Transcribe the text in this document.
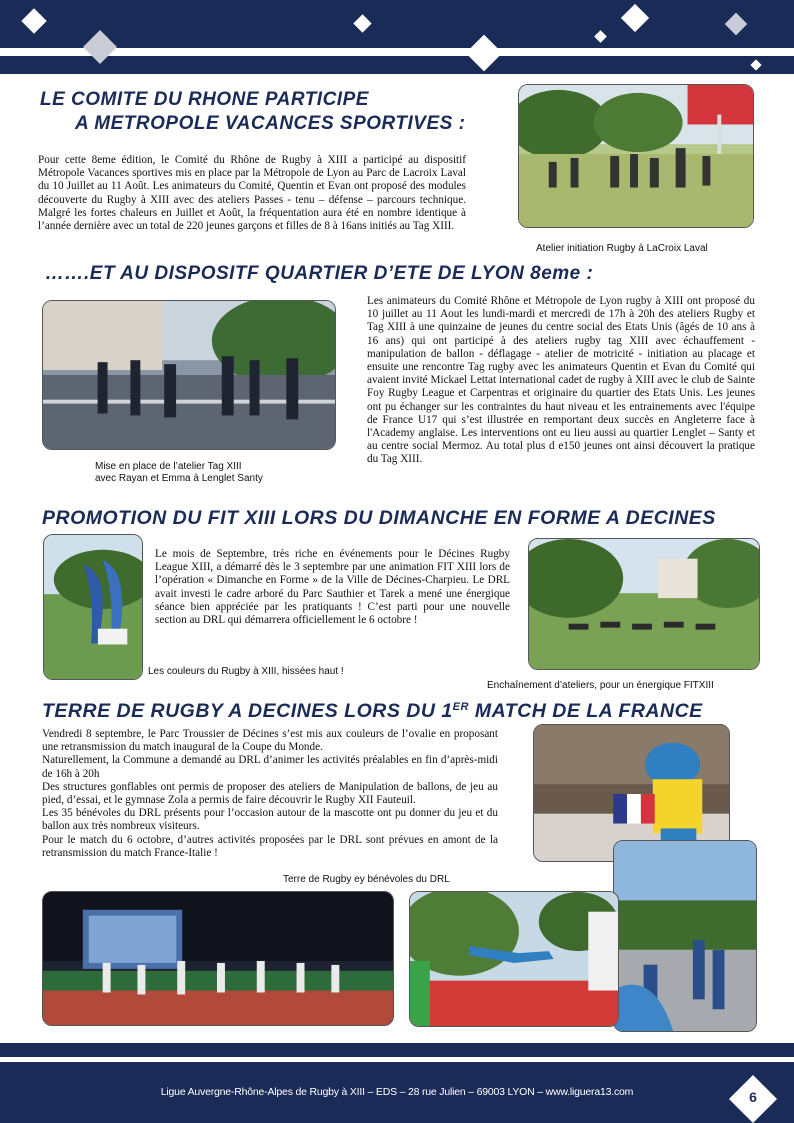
LE COMITE DU RHONE PARTICIPE
A METROPOLE VACANCES SPORTIVES :
Pour cette 8eme édition, le Comité du Rhône de Rugby à XIII a participé au dispositif Métropole Vacances sportives mis en place par la Métropole de Lyon au Parc de Lacroix Laval du 10 Juillet au 11 Août. Les animateurs du Comité, Quentin et Evan ont proposé des modules découverte du Rugby à XIII avec des ateliers Passes - tenu – défense – parcours technique. Malgré les fortes chaleurs en Juillet et Août, la fréquentation aura été en nombre identique à l’année dernière avec un total de 220 jeunes garçons et filles de 8 à 16ans initiés au Tag XIII.
Atelier initiation Rugby à LaCroix Laval
…….ET AU DISPOSITF QUARTIER D’ETE DE LYON 8eme :
Mise en place de l’atelier Tag XIII
avec Rayan et Emma à Lenglet Santy
Les animateurs du Comité Rhône et Métropole de Lyon rugby à XIII ont proposé du 10 juillet au 11 Aout les lundi-mardi et mercredi de 17h à 20h des ateliers Rugby et Tag XIII à une quinzaine de jeunes du centre social des Etats Unis (âgés de 10 ans à 16 ans) qui ont participé à des ateliers rugby tag XIII avec échauffement - manipulation de ballon - déflagage - atelier de motricité - initiation au placage et ensuite une rencontre Tag rugby avec les animateurs Quentin et Evan du Comité qui avaient invité Mickael Lettat international cadet de rugby à XIII avec le club de Sainte Foy Rugby League et Carpentras et originaire du quartier des Etats Unis. Les jeunes ont pu échanger sur les contraintes du haut niveau et les entrainements avec l'équipe de France U17 qui s’est illustrée en remportant deux succès en Angleterre face à l'Academy anglaise. Les interventions ont eu lieu aussi au quartier Lenglet – Santy et au centre social Mermoz. Au total plus d e150 jeunes ont ainsi découvert la pratique du Tag XIII.
PROMOTION DU FIT XIII LORS DU DIMANCHE EN FORME A DECINES
Le mois de Septembre, très riche en événements pour le Décines Rugby League XIII, a démarré dès le 3 septembre par une animation FIT XIII lors de l’opération « Dimanche en Forme » de la Ville de Décines-Charpieu. Le DRL avait investi le cadre arboré du Parc Sauthier et Tarek a mené une énergique séance bien appréciée par les pratiquants ! C’est parti pour une nouvelle section au DRL qui démarrera officiellement le 6 octobre !
Les couleurs du Rugby à XIII, hissées haut !
Enchaînement d’ateliers, pour un énergique FITXIII
TERRE DE RUGBY A DECINES LORS DU 1ER MATCH DE LA FRANCE
Vendredi 8 septembre, le Parc Troussier de Décines s’est mis aux couleurs de l’ovalie en proposant une retransmission du match inaugural de la Coupe du Monde.
Naturellement, la Commune a demandé au DRL d’animer les activités préalables en fin d’après-midi de 16h à 20h
Des structures gonflables ont permis de proposer des ateliers de Manipulation de ballons, de jeu au pied, d’essai, et le gymnase Zola a permis de faire découvrir le Rugby XII Fauteuil.
Les 35 bénévoles du DRL présents pour l’occasion autour de la mascotte ont pu donner du jeu et du ballon aux très nombreux visiteurs.
Pour le match du 6 octobre, d’autres activités proposées par le DRL sont prévues en amont de la retransmission du match France-Italie !
Terre de Rugby ey bénévoles du DRL
Ligue Auvergne-Rhône-Alpes de Rugby à XIII – EDS – 28 rue Julien – 69003 LYON – www.liguera13.com	6
